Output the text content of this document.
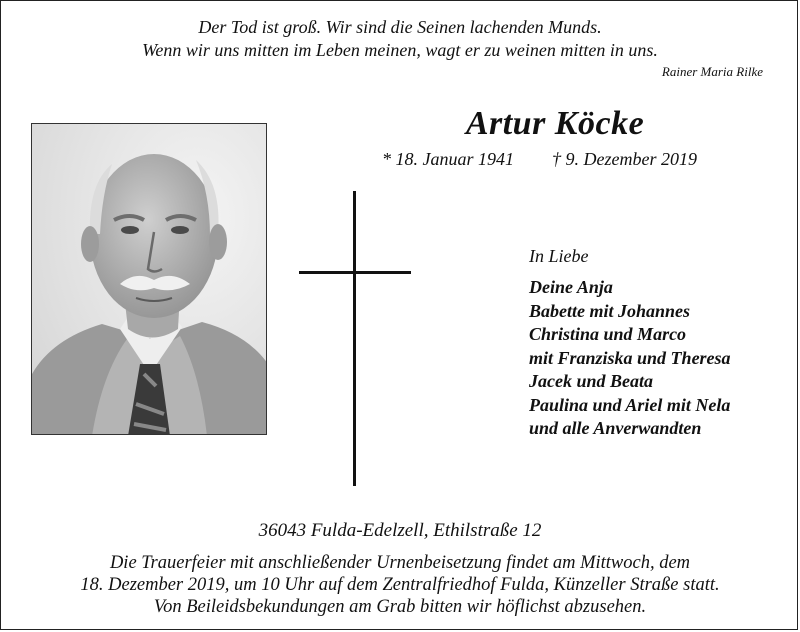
Der Tod ist groß. Wir sind die Seinen lachenden Munds.
Wenn wir uns mitten im Leben meinen, wagt er zu weinen mitten in uns.
Rainer Maria Rilke
Artur Köcke
* 18. Januar 1941 † 9. Dezember 2019
In Liebe
Deine Anja
Babette mit Johannes
Christina und Marco
mit Franziska und Theresa
Jacek und Beata
Paulina und Ariel mit Nela
und alle Anverwandten
36043 Fulda-Edelzell, Ethilstraße 12
Die Trauerfeier mit anschließender Urnenbeisetzung findet am Mittwoch, dem
18. Dezember 2019, um 10 Uhr auf dem Zentralfriedhof Fulda, Künzeller Straße statt.
Von Beileidsbekundungen am Grab bitten wir höflichst abzusehen.
